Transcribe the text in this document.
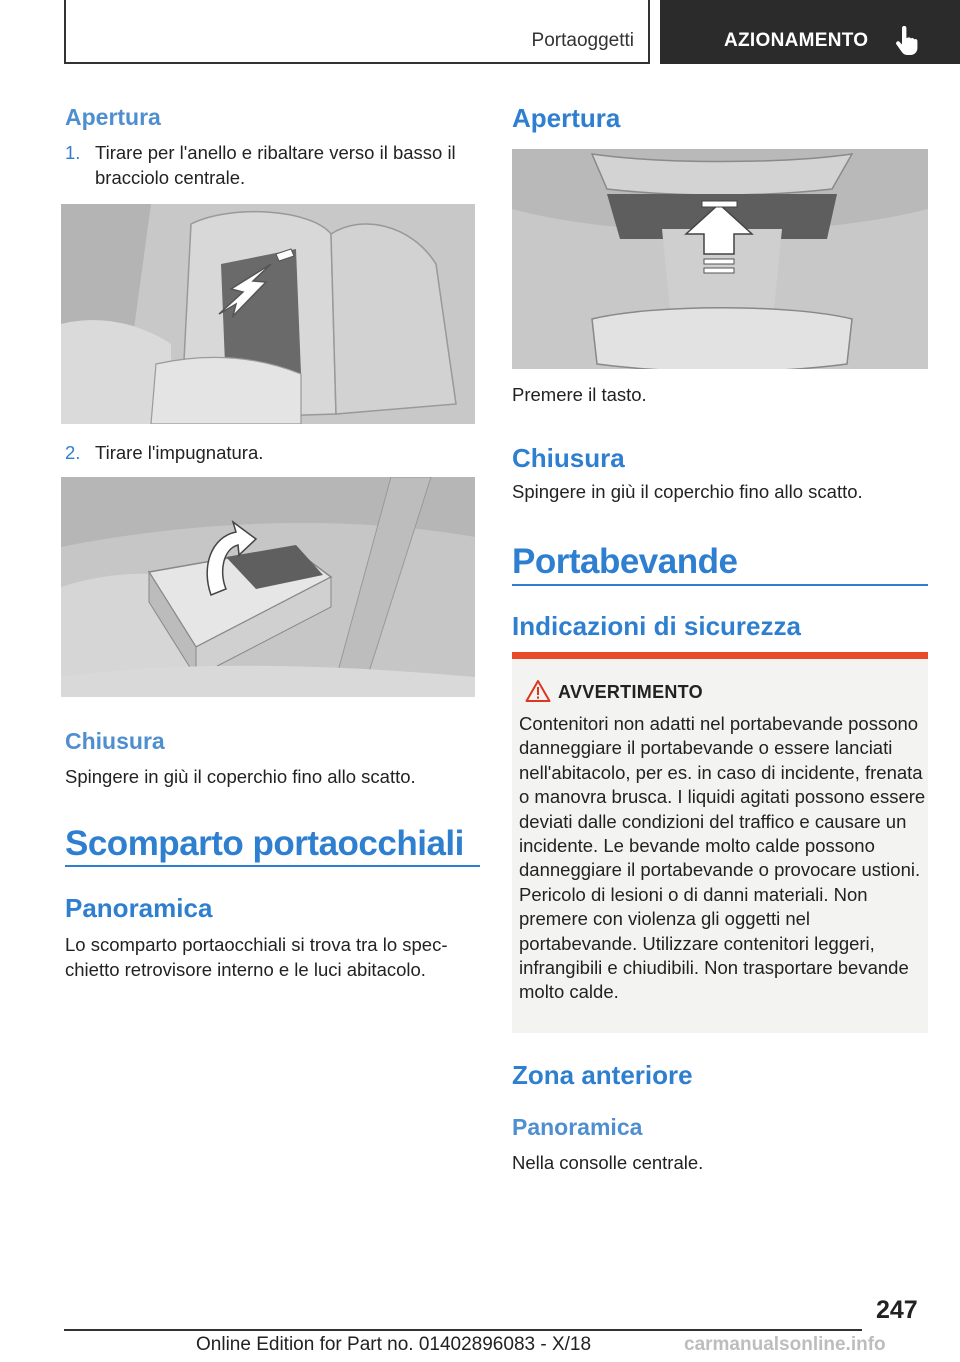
Portaoggetti	AZIONAMENTO
Apertura
1. Tirare per l'anello e ribaltare verso il basso il bracciolo centrale.
2. Tirare l'impugnatura.
Chiusura

Spingere in giù il coperchio fino allo scatto.

Scomparto portaocchiali
Panoramica

Lo scomparto portaocchiali si trova tra lo specchietto retrovisore interno e le luci abitacolo.

Apertura

Premere il tasto.

Chiusura

Spingere in giù il coperchio fino allo scatto.

Portabevande
Indicazioni di sicurezza
AVVERTIMENTO
Contenitori non adatti nel portabevande possono danneggiare il portabevande o essere lanciati nell'abitacolo, per es. in caso di incidente, frenata o manovra brusca. I liquidi agitati possono essere deviati dalle condizioni del traffico e causare un incidente. Le bevande molto calde possono danneggiare il portabevande o provocare ustioni. Pericolo di lesioni o di danni materiali. Non premere con violenza gli oggetti nel portabevande. Utilizzare contenitori leggeri, infrangibili e chiudibili. Non trasportare bevande molto calde.
Zona anteriore
Panoramica

Nella consolle centrale.

247
Online Edition for Part no. 01402896083 - X/18	carmanualsonline.info
